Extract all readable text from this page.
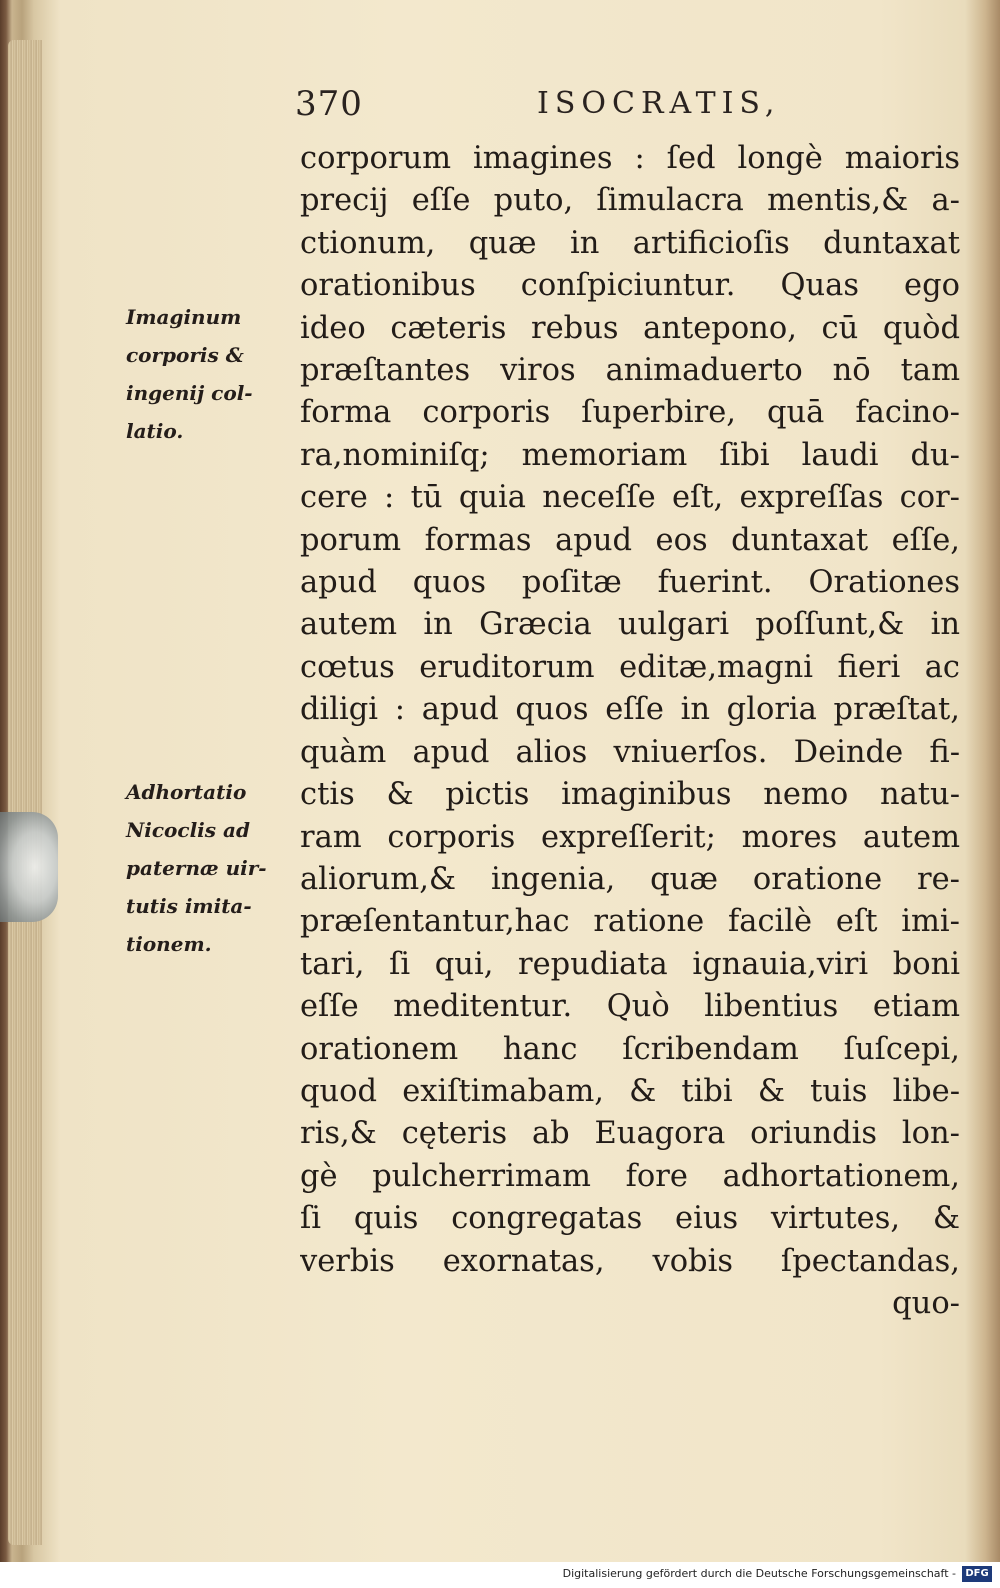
370	ISOCRATIS,
corporum imagines : ſed longè maioris
precij eſſe puto, ſimulacra mentis,& a-
ctionum, quæ in artificioſis duntaxat
orationibus conſpiciuntur. Quas ego
ideo cæteris rebus antepono, cū quòd
præſtantes viros animaduerto nō tam
forma corporis ſuperbire, quā facino-
ra,nominiſq; memoriam ſibi laudi du-
cere : tū quia neceſſe eſt, expreſſas cor-
porum formas apud eos duntaxat eſſe,
apud quos poſitæ fuerint. Orationes
autem in Græcia uulgari poſſunt,& in
cœtus eruditorum editæ,magni fieri ac
diligi : apud quos eſſe in gloria præſtat,
quàm apud alios vniuerſos. Deinde fi-
ctis & pictis imaginibus nemo natu-
ram corporis expreſſerit; mores autem
aliorum,& ingenia, quæ oratione re-
præſentantur,hac ratione facilè eſt imi-
tari, ſi qui, repudiata ignauia,viri boni
eſſe meditentur. Quò libentius etiam
orationem hanc ſcribendam ſuſcepi,
quod exiſtimabam, & tibi & tuis libe-
ris,& cęteris ab Euagora oriundis lon-
gè pulcherrimam fore adhortationem,
ſi quis congregatas eius virtutes, &
verbis exornatas, vobis ſpectandas,
quo-
Imaginum
corporis &
ingenij col-
latio.
Adhortatio
Nicoclis ad
paternæ uir-
tutis imita-
tionem.
Digitalisierung gefördert durch die Deutsche Forschungsgemeinschaft - DFG
